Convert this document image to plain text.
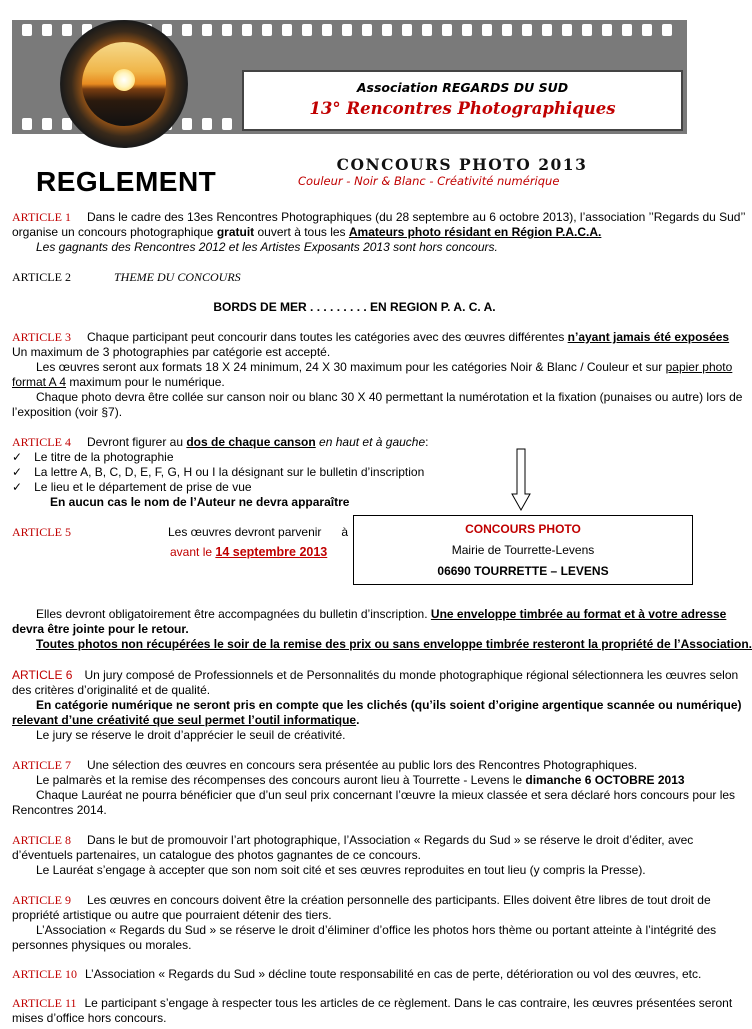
Association REGARDS DU SUD
13° Rencontres Photographiques
REGLEMENT
CONCOURS PHOTO 2013
Couleur - Noir & Blanc - Créativité numérique
ARTICLE 1 Dans le cadre des 13es Rencontres Photographiques (du 28 septembre au 6 octobre 2013), l’association ’’Regards du Sud’’
organise un concours photographique gratuit ouvert à tous les Amateurs photo résidant en Région P.A.C.A.
Les gagnants des Rencontres 2012 et les Artistes Exposants 2013 sont hors concours.
ARTICLE 2	THEME DU CONCOURS
BORDS DE MER . . . . . . . . . EN REGION P. A. C. A.
ARTICLE 3 Chaque participant peut concourir dans toutes les catégories avec des œuvres différentes n’ayant jamais été exposées
Un maximum de 3 photographies par catégorie est accepté.
Les œuvres seront aux formats 18 X 24 minimum, 24 X 30 maximum pour les catégories Noir & Blanc / Couleur et sur papier photo
format A 4 maximum pour le numérique.
Chaque photo devra être collée sur canson noir ou blanc 30 X 40 permettant la numérotation et la fixation (punaises ou autre) lors de
l’exposition (voir §7).
ARTICLE 4 Devront figurer au dos de chaque canson en haut et à gauche:
✓ Le titre de la photographie
✓ La lettre A, B, C, D, E, F, G, H ou I la désignant sur le bulletin d’inscription
✓ Le lieu et le département de prise de vue
En aucun cas le nom de l’Auteur ne devra apparaître
ARTICLE 5	Les œuvres devront parvenir à
avant le 14 septembre 2013
CONCOURS PHOTO
Mairie de Tourrette-Levens
06690 TOURRETTE – LEVENS
Elles devront obligatoirement être accompagnées du bulletin d’inscription. Une enveloppe timbrée au format et à votre adresse
devra être jointe pour le retour.
Toutes photos non récupérées le soir de la remise des prix ou sans enveloppe timbrée resteront la propriété de l’Association.
ARTICLE 6 Un jury composé de Professionnels et de Personnalités du monde photographique régional sélectionnera les œuvres selon
des critères d’originalité et de qualité.
En catégorie numérique ne seront pris en compte que les clichés (qu’ils soient d’origine argentique scannée ou numérique)
relevant d’une créativité que seul permet l’outil informatique.
Le jury se réserve le droit d’apprécier le seuil de créativité.
ARTICLE 7 Une sélection des œuvres en concours sera présentée au public lors des Rencontres Photographiques.
Le palmarès et la remise des récompenses des concours auront lieu à Tourrette - Levens le dimanche 6 OCTOBRE 2013
Chaque Lauréat ne pourra bénéficier que d’un seul prix concernant l’œuvre la mieux classée et sera déclaré hors concours pour les
Rencontres 2014.
ARTICLE 8 Dans le but de promouvoir l’art photographique, l’Association « Regards du Sud » se réserve le droit d’éditer, avec
d’éventuels partenaires, un catalogue des photos gagnantes de ce concours.
Le Lauréat s’engage à accepter que son nom soit cité et ses œuvres reproduites en tout lieu (y compris la Presse).
ARTICLE 9 Les œuvres en concours doivent être la création personnelle des participants. Elles doivent être libres de tout droit de
propriété artistique ou autre que pourraient détenir des tiers.
L’Association « Regards du Sud » se réserve le droit d’éliminer d’office les photos hors thème ou portant atteinte à l’intégrité des
personnes physiques ou morales.
ARTICLE 10 L’Association « Regards du Sud » décline toute responsabilité en cas de perte, détérioration ou vol des œuvres, etc.
ARTICLE 11 Le participant s’engage à respecter tous les articles de ce règlement. Dans le cas contraire, les œuvres présentées seront
mises d’office hors concours.
